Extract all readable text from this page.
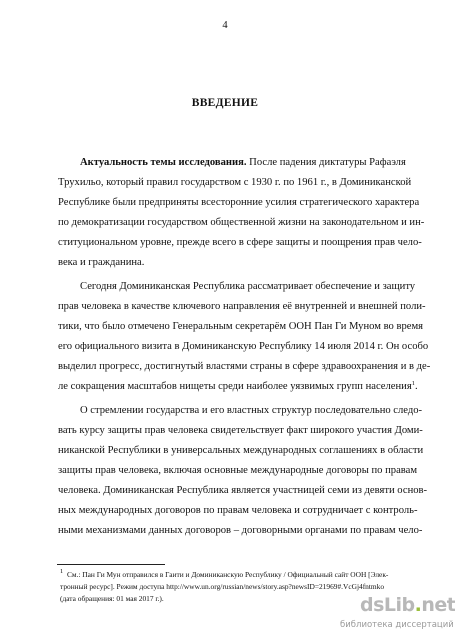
4
ВВЕДЕНИЕ
Актуальность темы исследования. После падения диктатуры Рафаэля
Трухильо, который правил государством с 1930 г. по 1961 г., в Доминиканской
Республике были предприняты всесторонние усилия стратегического характера
по демократизации государством общественной жизни на законодательном и ин-
ституциональном уровне, прежде всего в сфере защиты и поощрения прав чело-
века и гражданина.
Сегодня Доминиканская Республика рассматривает обеспечение и защиту
прав человека в качестве ключевого направления её внутренней и внешней поли-
тики, что было отмечено Генеральным секретарём ООН Пан Ги Муном во время
его официального визита в Доминиканскую Республику 14 июля 2014 г. Он особо
выделил прогресс, достигнутый властями страны в сфере здравоохранения и в де-
ле сокращения масштабов нищеты среди наиболее уязвимых групп населения$^1$.
О стремлении государства и его властных структур последовательно следо-
вать курсу защиты прав человека свидетельствует факт широкого участия Доми-
никанской Республики в универсальных международных соглашениях в области
защиты прав человека, включая основные международные договоры по правам
человека. Доминиканская Республика является участницей семи из девяти основ-
ных международных договоров по правам человека и сотрудничает с контроль-
ными механизмами данных договоров – договорными органами по правам чело-
$^1$ См.: Пан Ги Мун отправился в Гаити и Доминиканскую Республику / Официальный сайт ООН [Элек-
тронный ресурс]. Режим доступа http://www.un.org/russian/news/story.asp?newsID=21969#.VcGj4fntmko
(дата обращения: 01 мая 2017 г.).	dsLib.net
библиотека диссертаций
